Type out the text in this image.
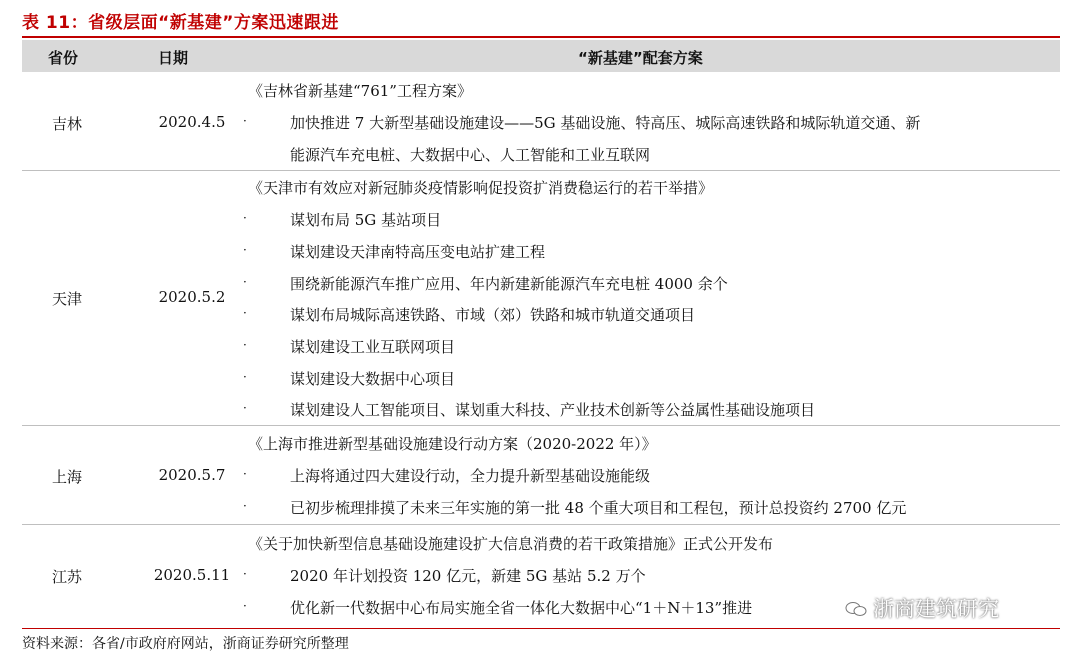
表 11：省级层面“新基建”方案迅速跟进
省份	日期	“新基建”配套方案
吉林	2020.4.5
《吉林省新基建“761”工程方案》
·	加快推进 7 大新型基础设施建设——5G 基础设施、特高压、城际高速铁路和城际轨道交通、新
能源汽车充电桩、大数据中心、人工智能和工业互联网
天津	2020.5.2
《天津市有效应对新冠肺炎疫情影响促投资扩消费稳运行的若干举措》
·	谋划布局 5G 基站项目
·	谋划建设天津南特高压变电站扩建工程
·	围绕新能源汽车推广应用、年内新建新能源汽车充电桩 4000 余个
·	谋划布局城际高速铁路、市域（郊）铁路和城市轨道交通项目
·	谋划建设工业互联网项目
·	谋划建设大数据中心项目
·	谋划建设人工智能项目、谋划重大科技、产业技术创新等公益属性基础设施项目
上海	2020.5.7
《上海市推进新型基础设施建设行动方案（2020-2022 年）》
·	上海将通过四大建设行动，全力提升新型基础设施能级
·	已初步梳理排摸了未来三年实施的第一批 48 个重大项目和工程包，预计总投资约 2700 亿元
江苏	2020.5.11
《关于加快新型信息基础设施建设扩大信息消费的若干政策措施》正式公开发布
·	2020 年计划投资 120 亿元，新建 5G 基站 5.2 万个
·	优化新一代数据中心布局实施全省一体化大数据中心“1＋N＋13”推进
资料来源：各省/市政府府网站，浙商证券研究所整理
浙商建筑研究
